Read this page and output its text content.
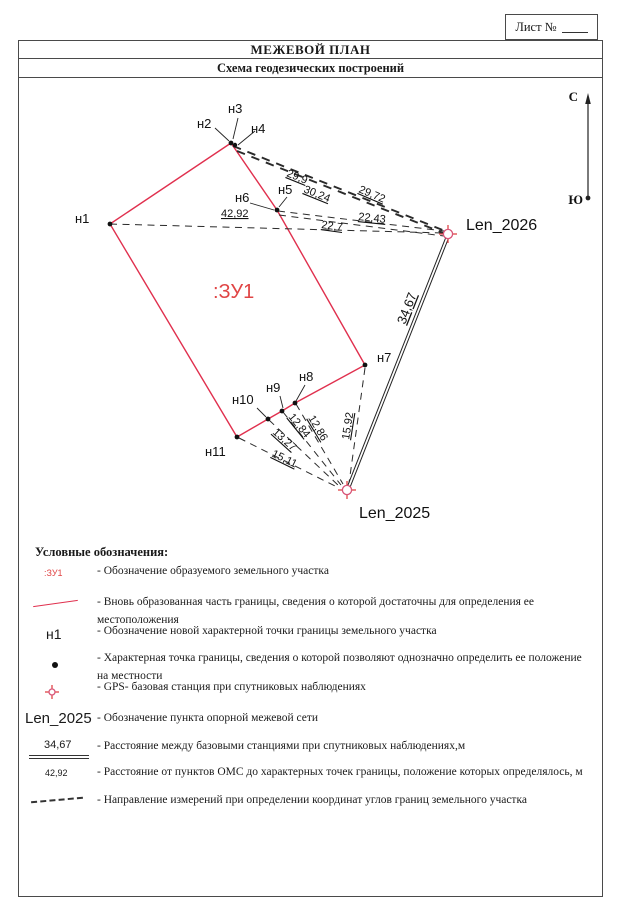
Лист №
МЕЖЕВОЙ ПЛАН
Схема геодезических построений
С
Ю
н1
н2
н3
н4
н5
н6
н7
н8
н9
н10
н11
Len_2026
Len_2025
:ЗУ1
42,92
29,9
30,24 29,72
22,7
22,43
34,67
15,92
12,86
12,84
13,27
15,11
Условные обозначения:
:ЗУ1	- Обозначение образуемого земельного участка
- Вновь образованная часть границы, сведения о которой достаточны для определения ее местоположения
н1	- Обозначение новой характерной точки границы земельного участка
- Характерная точка границы, сведения о которой позволяют однозначно определить ее положение на местности
- GPS- базовая станция при спутниковых наблюдениях
Len_2025 - Обозначение пункта опорной межевой сети
34,67 - Расстояние между базовыми станциями при спутниковых наблюдениях,м
42,92	- Расстояние от пунктов ОМС до характерных точек границы, положение которых определялось, м
- Направление измерений при определении координат углов границ земельного участка
